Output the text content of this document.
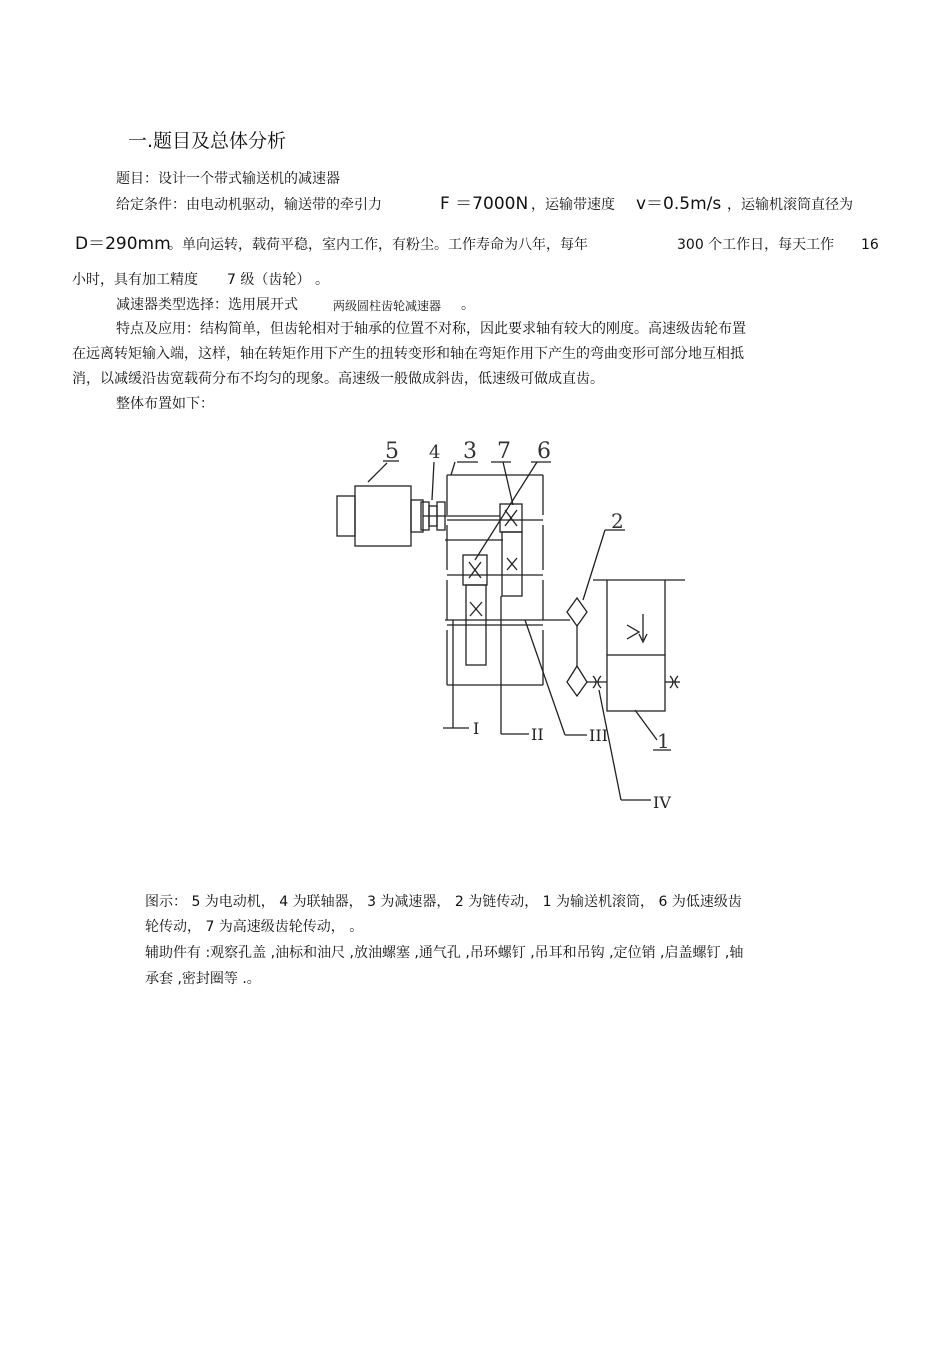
一.题目及总体分析
题目：设计一个带式输送机的减速器
给定条件：由电动机驱动，输送带的牵引力	F ＝7000N ，运输带速度 v＝0.5m/s ，运输机滚筒直径为
D＝290mm
。单向运转，载荷平稳，室内工作，有粉尘。工作寿命为八年，每年	300 个工作日，每天工作 16
小时，具有加工精度 7 级（齿轮） 。
减速器类型选择：选用展开式	两级圆柱齿轮减速器 。
特点及应用：结构简单，但齿轮相对于轴承的位置不对称，因此要求轴有较大的刚度。高速级齿轮布置
在远离转矩输入端，这样，轴在转矩作用下产生的扭转变形和轴在弯矩作用下产生的弯曲变形可部分地互相抵
消，以减缓沿齿宽载荷分布不均匀的现象。高速级一般做成斜齿，低速级可做成直齿。
整体布置如下：
5 4 3 7 6
2
v
1
I	II	III
IV
图示： 5 为电动机， 4 为联轴器， 3 为减速器， 2 为链传动， 1 为输送机滚筒， 6 为低速级齿
轮传动， 7 为高速级齿轮传动， 。
辅助件有 :观察孔盖 ,油标和油尺 ,放油螺塞 ,通气孔 ,吊环螺钉 ,吊耳和吊钩 ,定位销 ,启盖螺钉 ,轴
承套 ,密封圈等 .。
